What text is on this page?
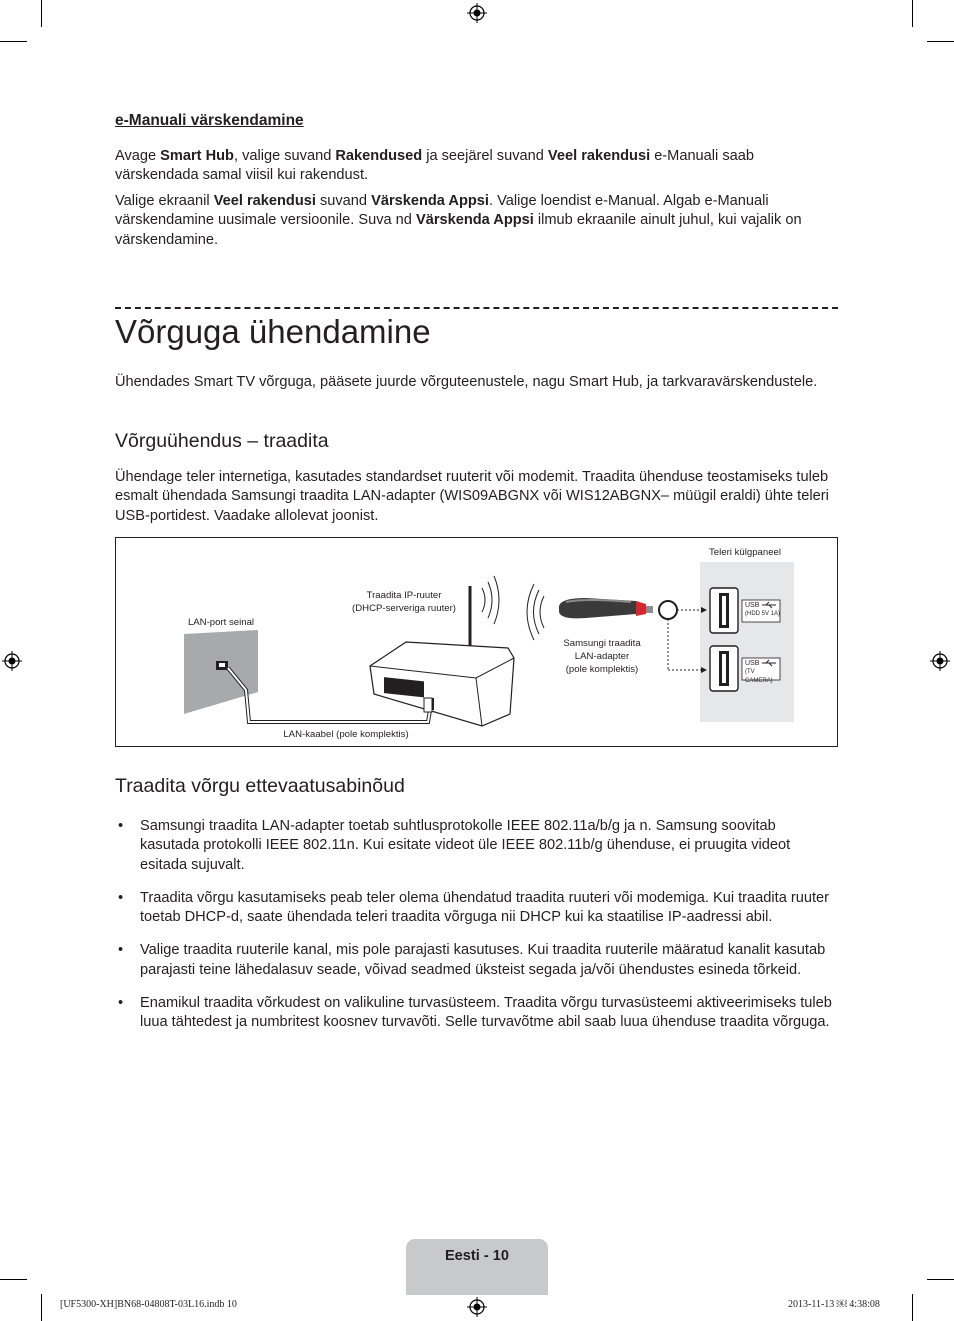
e-Manuali värskendamine

Avage Smart Hub, valige suvand Rakendused ja seejärel suvand Veel rakendusi e-Manuali saab värskendada samal viisil kui rakendust.

Valige ekraanil Veel rakendusi suvand Värskenda Appsi. Valige loendist e-Manual. Algab e-Manuali värskendamine uusimale versioonile. Suva nd Värskenda Appsi ilmub ekraanile ainult juhul, kui vajalik on värskendamine.

Võrguga ühendamine

Ühendades Smart TV võrguga, pääsete juurde võrguteenustele, nagu Smart Hub, ja tarkvaravärskendustele.

Võrguühendus – traadita

Ühendage teler internetiga, kasutades standardset ruuterit või modemit. Traadita ühenduse teostamiseks tuleb esmalt ühendada Samsungi traadita LAN-adapter (WIS09ABGNX või WIS12ABGNX– müügil eraldi) ühte teleri USB-portidest. Vaadake allolevat joonist.

Teleri külgpaneel
Traadita IP-ruuter
(DHCP-serveriga ruuter)
LAN-port seinal
Samsungi traadita
LAN-adapter
(pole komplektis)
LAN-kaabel (pole komplektis)
USB
(HDD 5V 1A)
USB
(TV CAMERA)
Traadita võrgu ettevaatusabinõud
• Samsungi traadita LAN-adapter toetab suhtlusprotokolle IEEE 802.11a/b/g ja n. Samsung soovitab kasutada protokolli IEEE 802.11n. Kui esitate videot üle IEEE 802.11b/g ühenduse, ei pruugita videot esitada sujuvalt.
• Traadita võrgu kasutamiseks peab teler olema ühendatud traadita ruuteri või modemiga. Kui traadita ruuter toetab DHCP-d, saate ühendada teleri traadita võrguga nii DHCP kui ka staatilise IP-aadressi abil.
• Valige traadita ruuterile kanal, mis pole parajasti kasutuses. Kui traadita ruuterile määratud kanalit kasutab parajasti teine lähedalasuv seade, võivad seadmed üksteist segada ja/või ühendustes esineda tõrkeid.
• Enamikul traadita võrkudest on valikuline turvasüsteem. Traadita võrgu turvasüsteemi aktiveerimiseks tuleb luua tähtedest ja numbritest koosnev turvavõti. Selle turvavõtme abil saab luua ühenduse traadita võrguga.
Eesti - 10
[UF5300-XH]BN68-04808T-03L16.indb 10	2013-11-13 ￼ 4:38:08
